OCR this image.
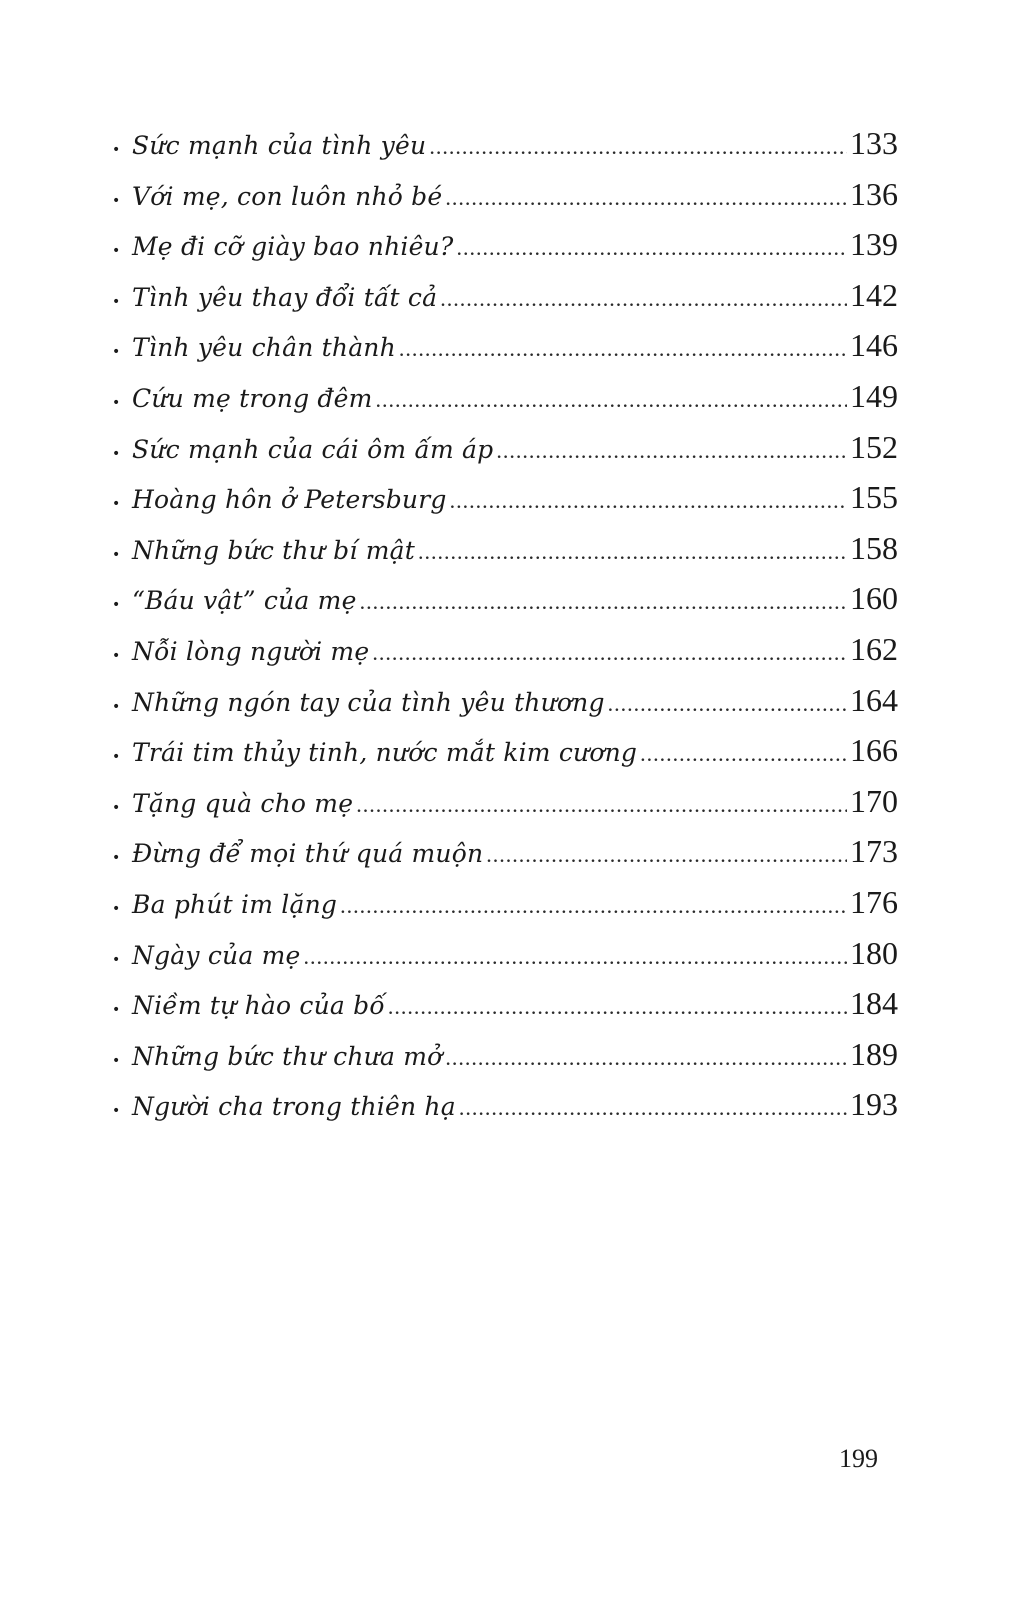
• Sức mạnh của tình yêu .....	133
• Với mẹ, con luôn nhỏ bé .....	136
• Mẹ đi cỡ giày bao nhiêu? .....	139
• Tình yêu thay đổi tất cả .....	142
• Tình yêu chân thành .....	146
• Cứu mẹ trong đêm .....	149
• Sức mạnh của cái ôm ấm áp .....	152
• Hoàng hôn ở Petersburg .....	155
• Những bức thư bí mật .....	158
• “Báu vật” của mẹ .....	160
• Nỗi lòng người mẹ .....	162
• Những ngón tay của tình yêu thương .....	164
• Trái tim thủy tinh, nước mắt kim cương .....	166
• Tặng quà cho mẹ .....	170
• Đừng để mọi thứ quá muộn .....	173
• Ba phút im lặng .....	176
• Ngày của mẹ .....	180
• Niềm tự hào của bố .....	184
• Những bức thư chưa mở .....	189
• Người cha trong thiên hạ .....	193
199
